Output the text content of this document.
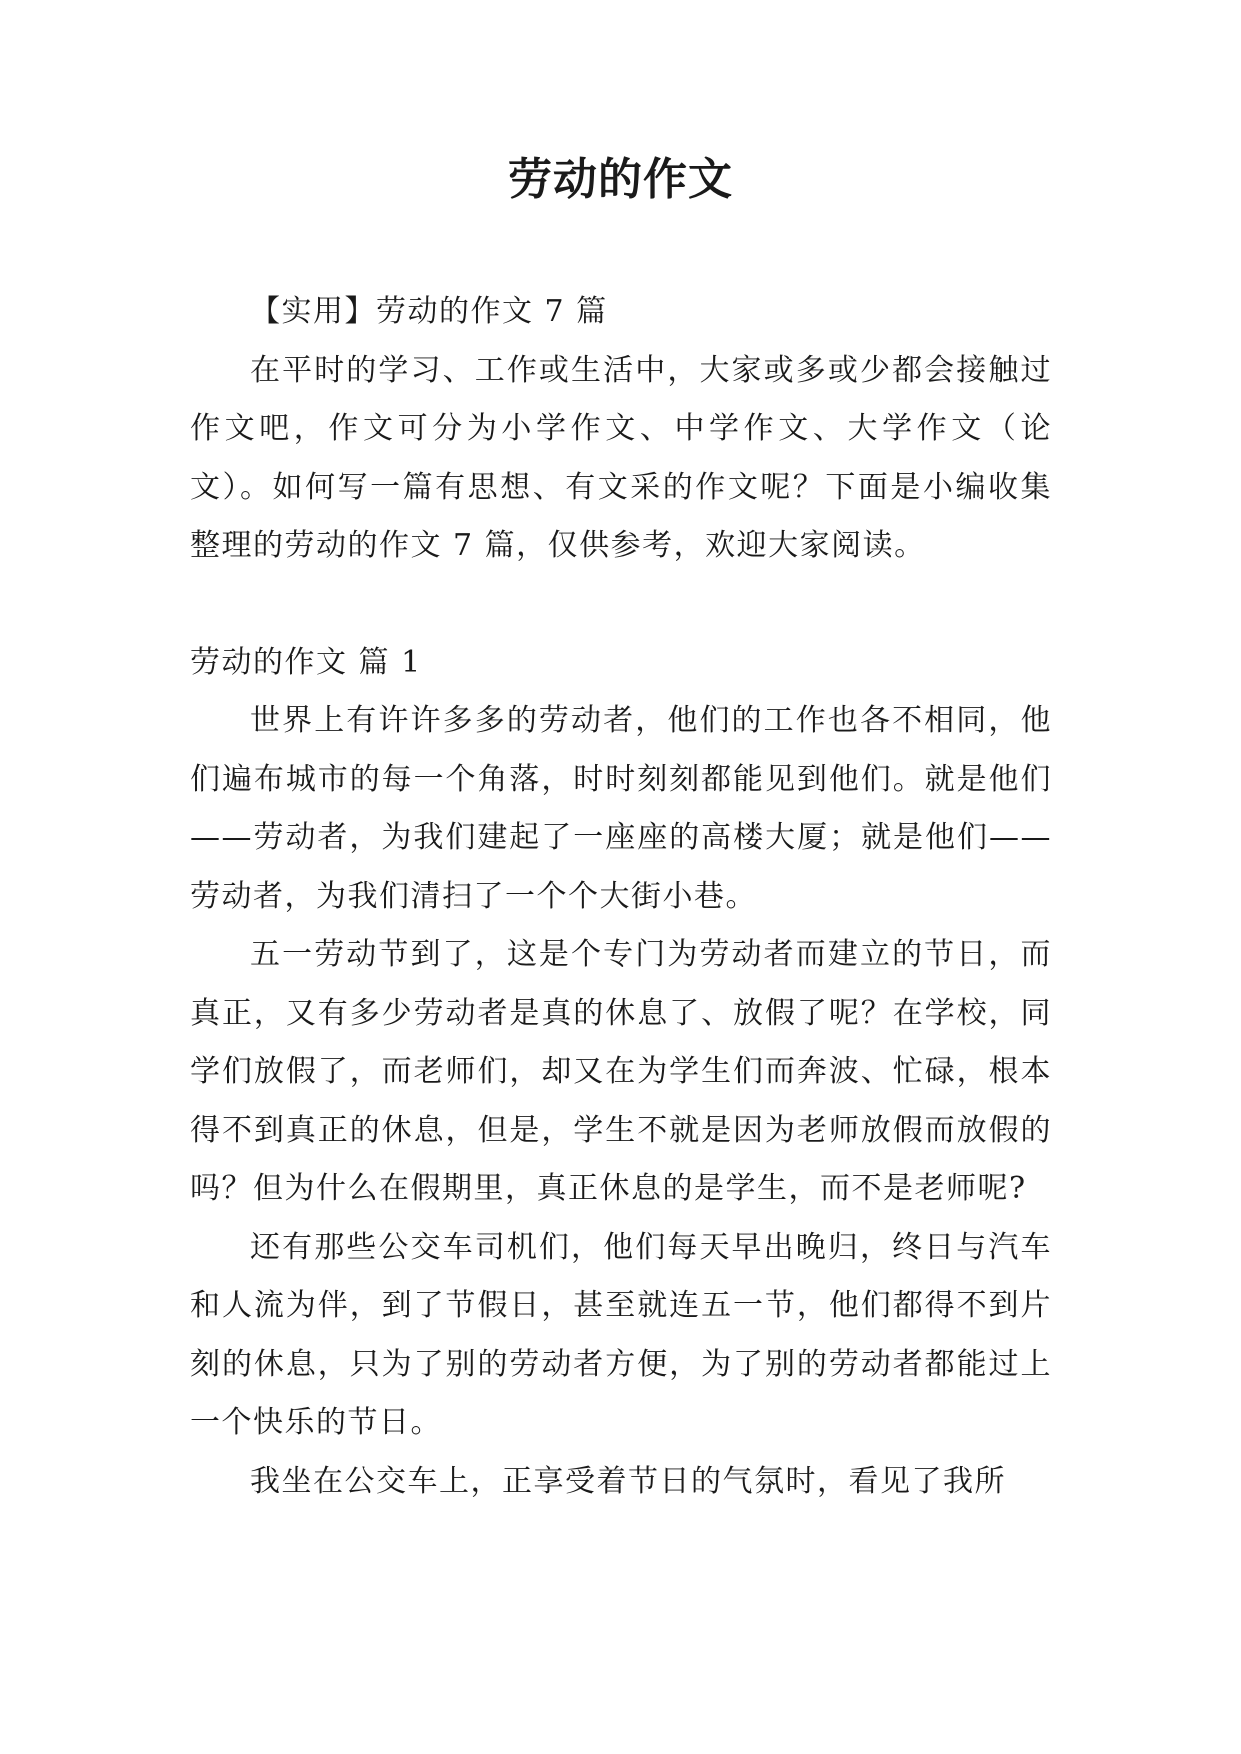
劳动的作文

【实用】劳动的作文 7 篇

在平时的学习、工作或生活中，大家或多或少都会接触过作文吧，作文可分为小学作文、中学作文、大学作文（论文）。如何写一篇有思想、有文采的作文呢？下面是小编收集整理的劳动的作文 7 篇，仅供参考，欢迎大家阅读。

劳动的作文 篇 1

世界上有许许多多的劳动者，他们的工作也各不相同，他们遍布城市的每一个角落，时时刻刻都能见到他们。就是他们——劳动者，为我们建起了一座座的高楼大厦；就是他们——劳动者，为我们清扫了一个个大街小巷。

五一劳动节到了，这是个专门为劳动者而建立的节日，而真正，又有多少劳动者是真的休息了、放假了呢？在学校，同学们放假了，而老师们，却又在为学生们而奔波、忙碌，根本得不到真正的休息，但是，学生不就是因为老师放假而放假的吗？但为什么在假期里，真正休息的是学生，而不是老师呢?

还有那些公交车司机们，他们每天早出晚归，终日与汽车和人流为伴，到了节假日，甚至就连五一节，他们都得不到片刻的休息，只为了别的劳动者方便，为了别的劳动者都能过上一个快乐的节日。

我坐在公交车上，正享受着节日的气氛时，看见了我所
